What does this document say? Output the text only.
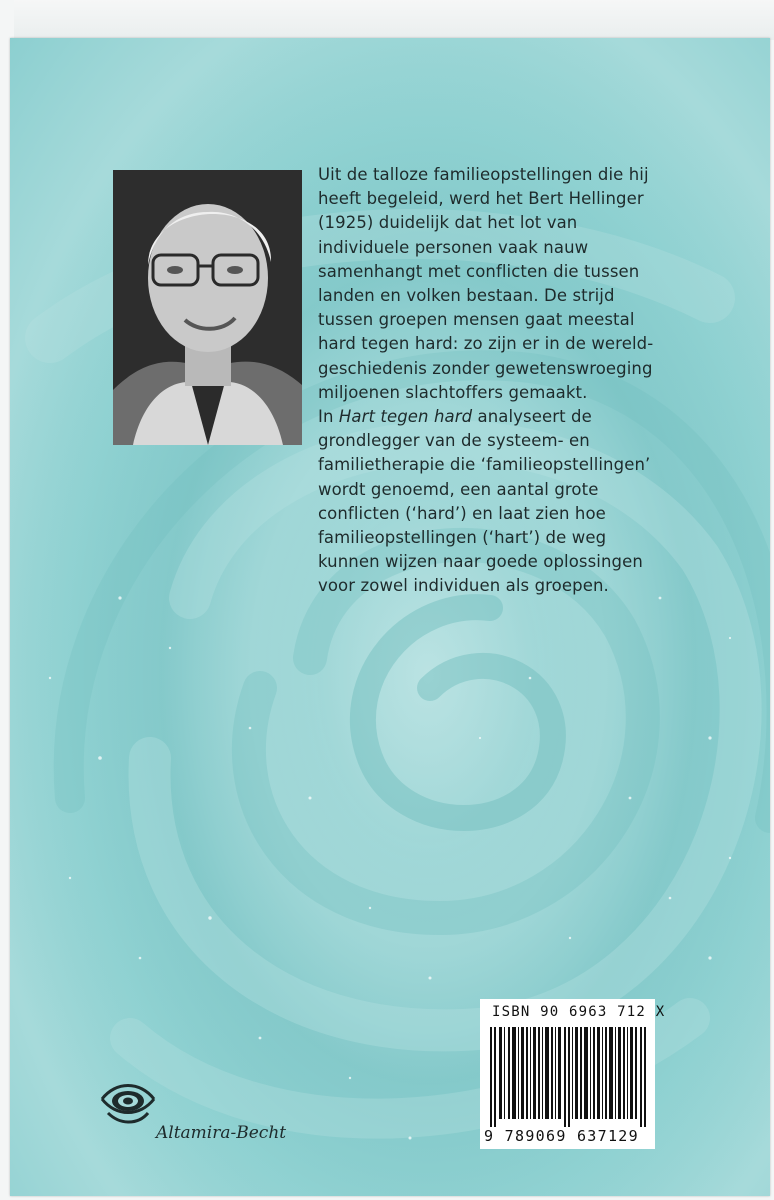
Uit de talloze familieopstellingen die hij
heeft begeleid, werd het Bert Hellinger
(1925) duidelijk dat het lot van
individuele personen vaak nauw
samenhangt met conflicten die tussen
landen en volken bestaan. De strijd
tussen groepen mensen gaat meestal
hard tegen hard: zo zijn er in de wereld-
geschiedenis zonder gewetenswroeging
miljoenen slachtoffers gemaakt.

In Hart tegen hard analyseert de
grondlegger van de systeem- en
familietherapie die ‘familieopstellingen’
wordt genoemd, een aantal grote
conflicten (‘hard’) en laat zien hoe
familieopstellingen (‘hart’) de weg
kunnen wijzen naar goede oplossingen
voor zowel individuen als groepen.

Altamira-Becht
ISBN 90 6963 712 X
9 789069 637129
